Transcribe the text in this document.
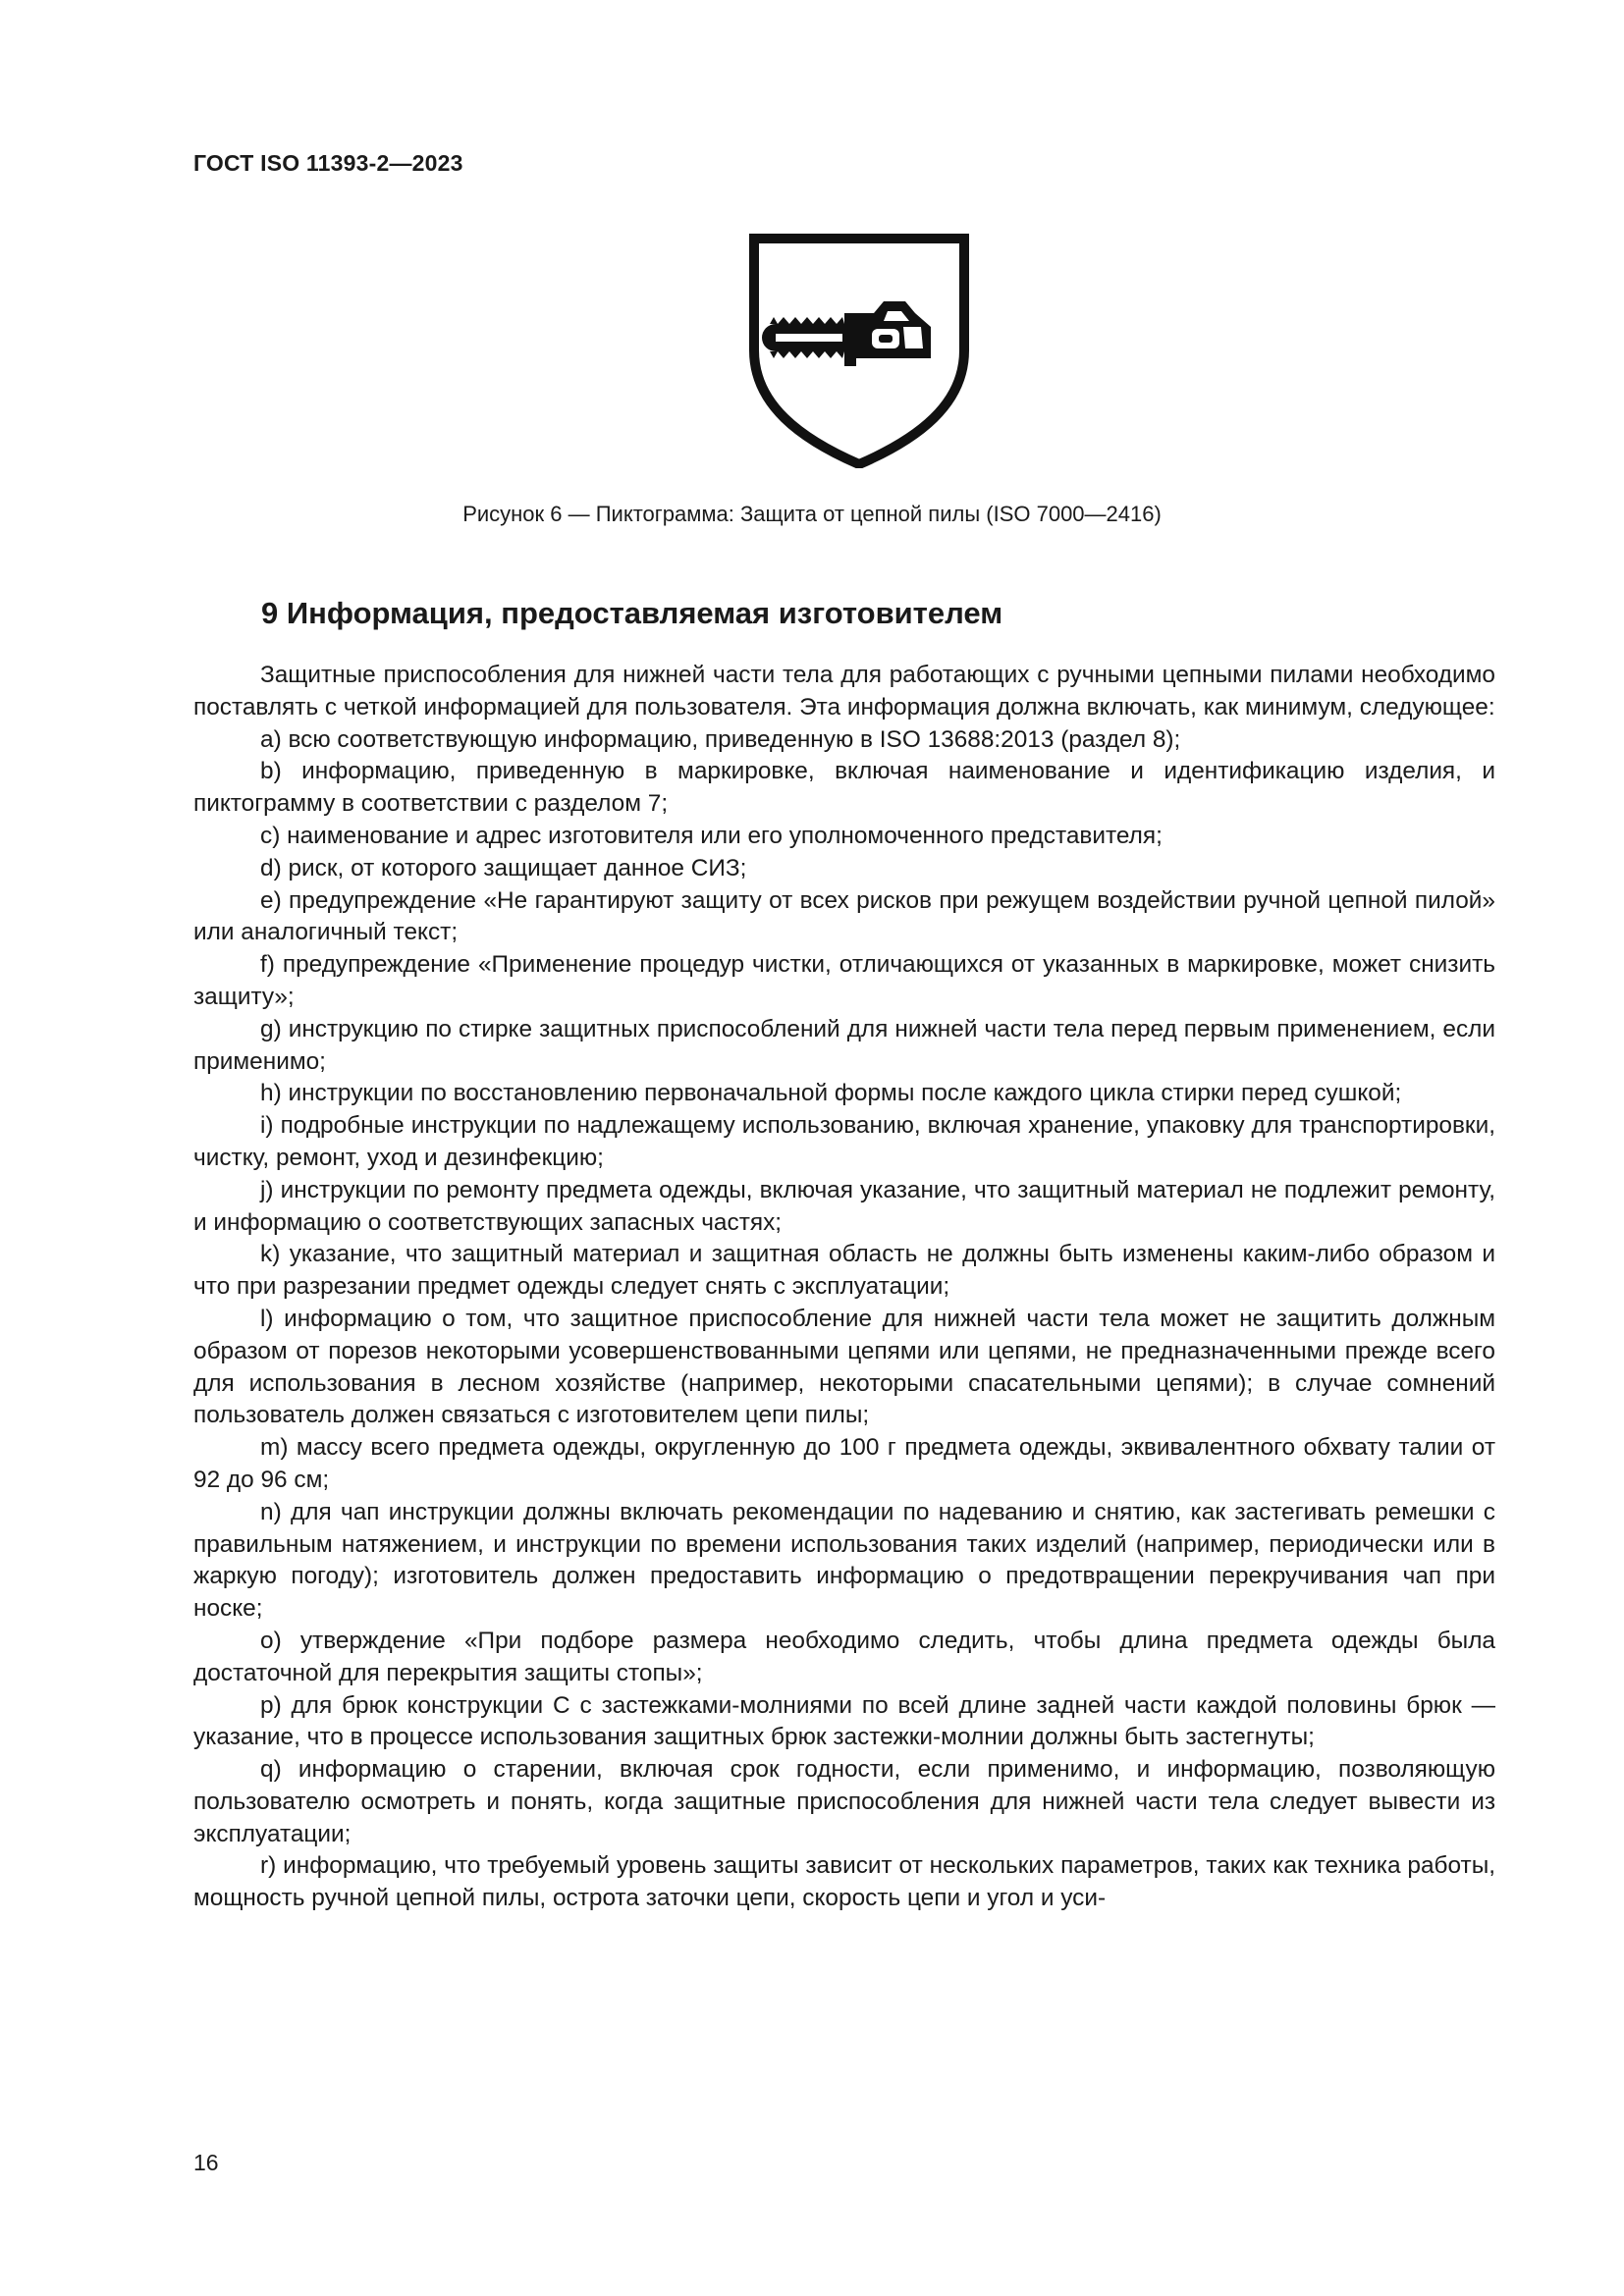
ГОСТ ISO 11393-2—2023
Рисунок 6 — Пиктограмма: Защита от цепной пилы (ISO 7000—2416)
9 Информация, предоставляемая изготовителем

Защитные приспособления для нижней части тела для работающих с ручными цепными пилами необходимо поставлять с четкой информацией для пользователя. Эта информация должна включать, как минимум, следующее:

a) всю соответствующую информацию, приведенную в ISO 13688:2013 (раздел 8);

b) информацию, приведенную в маркировке, включая наименование и идентификацию изделия, и пиктограмму в соответствии с разделом 7;

c) наименование и адрес изготовителя или его уполномоченного представителя;

d) риск, от которого защищает данное СИЗ;

e) предупреждение «Не гарантируют защиту от всех рисков при режущем воздействии ручной цепной пилой» или аналогичный текст;

f) предупреждение «Применение процедур чистки, отличающихся от указанных в маркировке, может снизить защиту»;

g) инструкцию по стирке защитных приспособлений для нижней части тела перед первым применением, если применимо;

h) инструкции по восстановлению первоначальной формы после каждого цикла стирки перед сушкой;

i) подробные инструкции по надлежащему использованию, включая хранение, упаковку для транспортировки, чистку, ремонт, уход и дезинфекцию;

j) инструкции по ремонту предмета одежды, включая указание, что защитный материал не подлежит ремонту, и информацию о соответствующих запасных частях;

k) указание, что защитный материал и защитная область не должны быть изменены каким-либо образом и что при разрезании предмет одежды следует снять с эксплуатации;

l) информацию о том, что защитное приспособление для нижней части тела может не защитить должным образом от порезов некоторыми усовершенствованными цепями или цепями, не предназначенными прежде всего для использования в лесном хозяйстве (например, некоторыми спасательными цепями); в случае сомнений пользователь должен связаться с изготовителем цепи пилы;

m) массу всего предмета одежды, округленную до 100 г предмета одежды, эквивалентного обхвату талии от 92 до 96 см;

n) для чап инструкции должны включать рекомендации по надеванию и снятию, как застегивать ремешки с правильным натяжением, и инструкции по времени использования таких изделий (например, периодически или в жаркую погоду); изготовитель должен предоставить информацию о предотвращении перекручивания чап при носке;

o) утверждение «При подборе размера необходимо следить, чтобы длина предмета одежды была достаточной для перекрытия защиты стопы»;

p) для брюк конструкции C с застежками-молниями по всей длине задней части каждой половины брюк — указание, что в процессе использования защитных брюк застежки-молнии должны быть застегнуты;

q) информацию о старении, включая срок годности, если применимо, и информацию, позволяющую пользователю осмотреть и понять, когда защитные приспособления для нижней части тела следует вывести из эксплуатации;

r) информацию, что требуемый уровень защиты зависит от нескольких параметров, таких как техника работы, мощность ручной цепной пилы, острота заточки цепи, скорость цепи и угол и уси-

16
